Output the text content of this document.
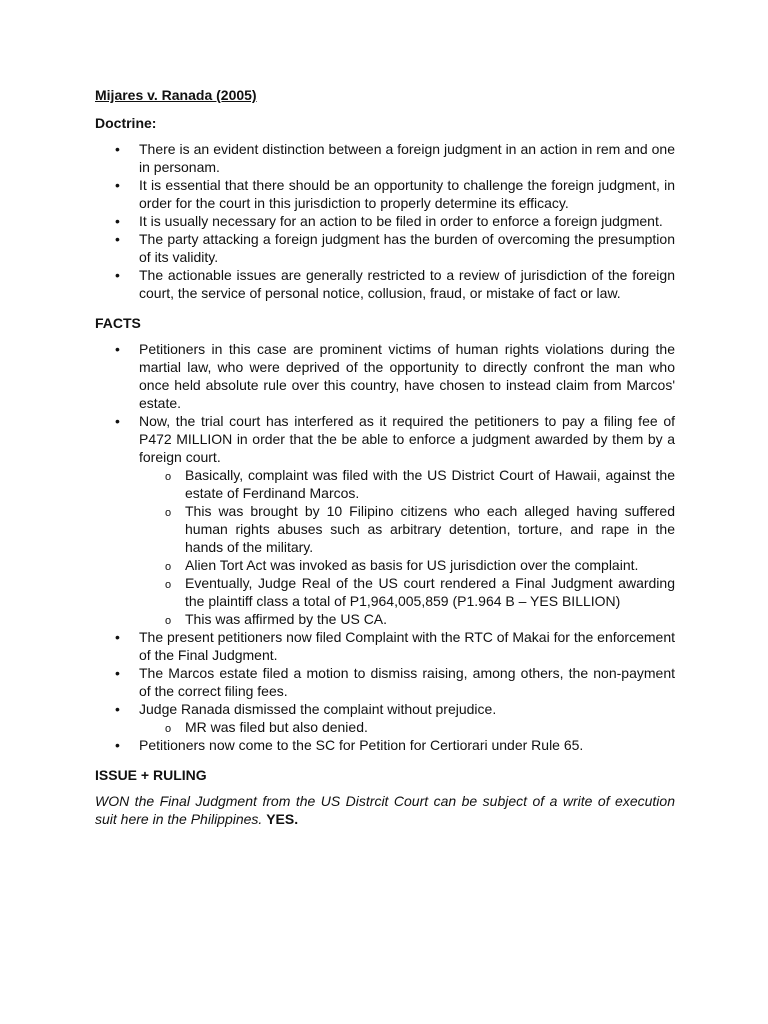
Mijares v. Ranada (2005)
Doctrine:
• There is an evident distinction between a foreign judgment in an action in rem and one in personam.
• It is essential that there should be an opportunity to challenge the foreign judgment, in order for the court in this jurisdiction to properly determine its efficacy.
• It is usually necessary for an action to be filed in order to enforce a foreign judgment.
• The party attacking a foreign judgment has the burden of overcoming the presumption of its validity.
• The actionable issues are generally restricted to a review of jurisdiction of the foreign court, the service of personal notice, collusion, fraud, or mistake of fact or law.
FACTS
• Petitioners in this case are prominent victims of human rights violations during the martial law, who were deprived of the opportunity to directly confront the man who once held absolute rule over this country, have chosen to instead claim from Marcos' estate.
• Now, the trial court has interfered as it required the petitioners to pay a filing fee of P472 MILLION in order that the be able to enforce a judgment awarded by them by a foreign court.
o Basically, complaint was filed with the US District Court of Hawaii, against the estate of Ferdinand Marcos.
o This was brought by 10 Filipino citizens who each alleged having suffered human rights abuses such as arbitrary detention, torture, and rape in the hands of the military.
o Alien Tort Act was invoked as basis for US jurisdiction over the complaint.
o Eventually, Judge Real of the US court rendered a Final Judgment awarding the plaintiff class a total of P1,964,005,859 (P1.964 B – YES BILLION)
o This was affirmed by the US CA.
• The present petitioners now filed Complaint with the RTC of Makai for the enforcement of the Final Judgment.
• The Marcos estate filed a motion to dismiss raising, among others, the non-payment of the correct filing fees.
• Judge Ranada dismissed the complaint without prejudice.
o MR was filed but also denied.
• Petitioners now come to the SC for Petition for Certiorari under Rule 65.
ISSUE + RULING

WON the Final Judgment from the US Distrcit Court can be subject of a write of execution suit here in the Philippines. YES.
